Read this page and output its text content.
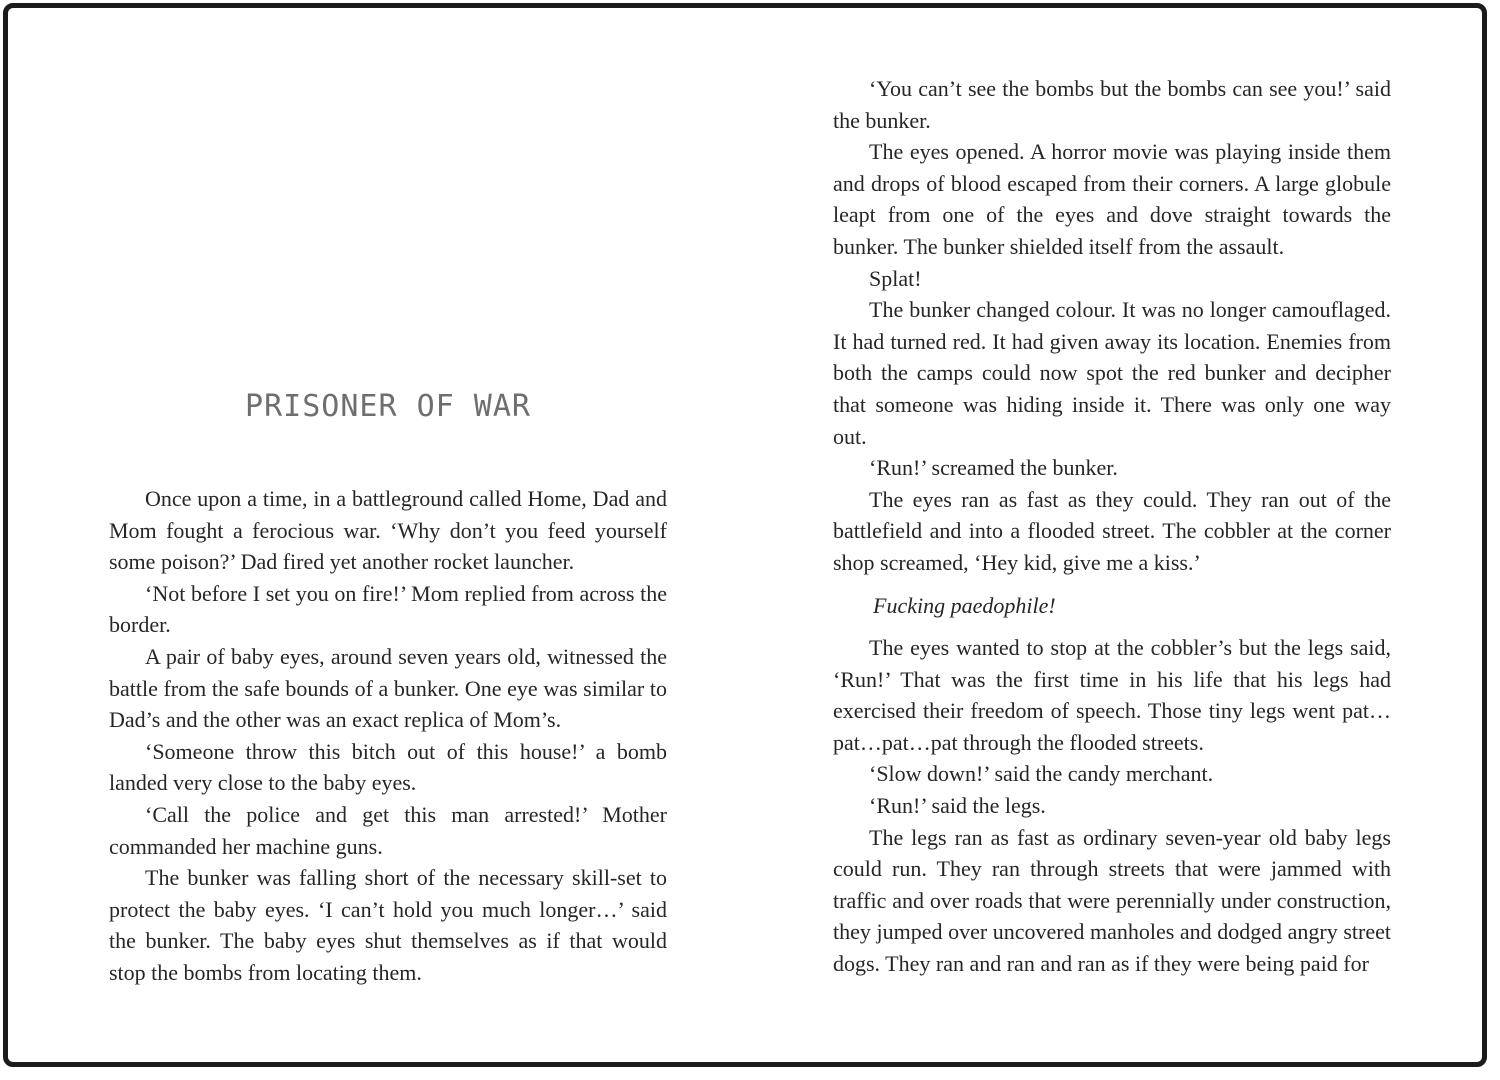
PRISONER OF WAR

Once upon a time, in a battleground called Home, Dad and Mom fought a ferocious war. ‘Why don’t you feed yourself some poison?’ Dad fired yet another rocket launcher.

‘Not before I set you on fire!’ Mom replied from across the border.

A pair of baby eyes, around seven years old, witnessed the battle from the safe bounds of a bunker. One eye was similar to Dad’s and the other was an exact replica of Mom’s.

‘Someone throw this bitch out of this house!’ a bomb landed very close to the baby eyes.

‘Call the police and get this man arrested!’ Mother commanded her machine guns.

The bunker was falling short of the necessary skill-set to protect the baby eyes. ‘I can’t hold you much longer…’ said the bunker. The baby eyes shut themselves as if that would stop the bombs from locating them.

‘You can’t see the bombs but the bombs can see you!’ said the bunker.

The eyes opened. A horror movie was playing inside them and drops of blood escaped from their corners. A large globule leapt from one of the eyes and dove straight towards the bunker. The bunker shielded itself from the assault.

Splat!

The bunker changed colour. It was no longer camouflaged. It had turned red. It had given away its location. Enemies from both the camps could now spot the red bunker and decipher that someone was hiding inside it. There was only one way out.

‘Run!’ screamed the bunker.

The eyes ran as fast as they could. They ran out of the battlefield and into a flooded street. The cobbler at the corner shop screamed, ‘Hey kid, give me a kiss.’

Fucking paedophile!

The eyes wanted to stop at the cobbler’s but the legs said, ‘Run!’ That was the first time in his life that his legs had exercised their freedom of speech. Those tiny legs went pat…pat…pat…pat through the flooded streets.

‘Slow down!’ said the candy merchant.

‘Run!’ said the legs.

The legs ran as fast as ordinary seven-year old baby legs could run. They ran through streets that were jammed with traffic and over roads that were perennially under construction, they jumped over uncovered manholes and dodged angry street dogs. They ran and ran and ran as if they were being paid for
